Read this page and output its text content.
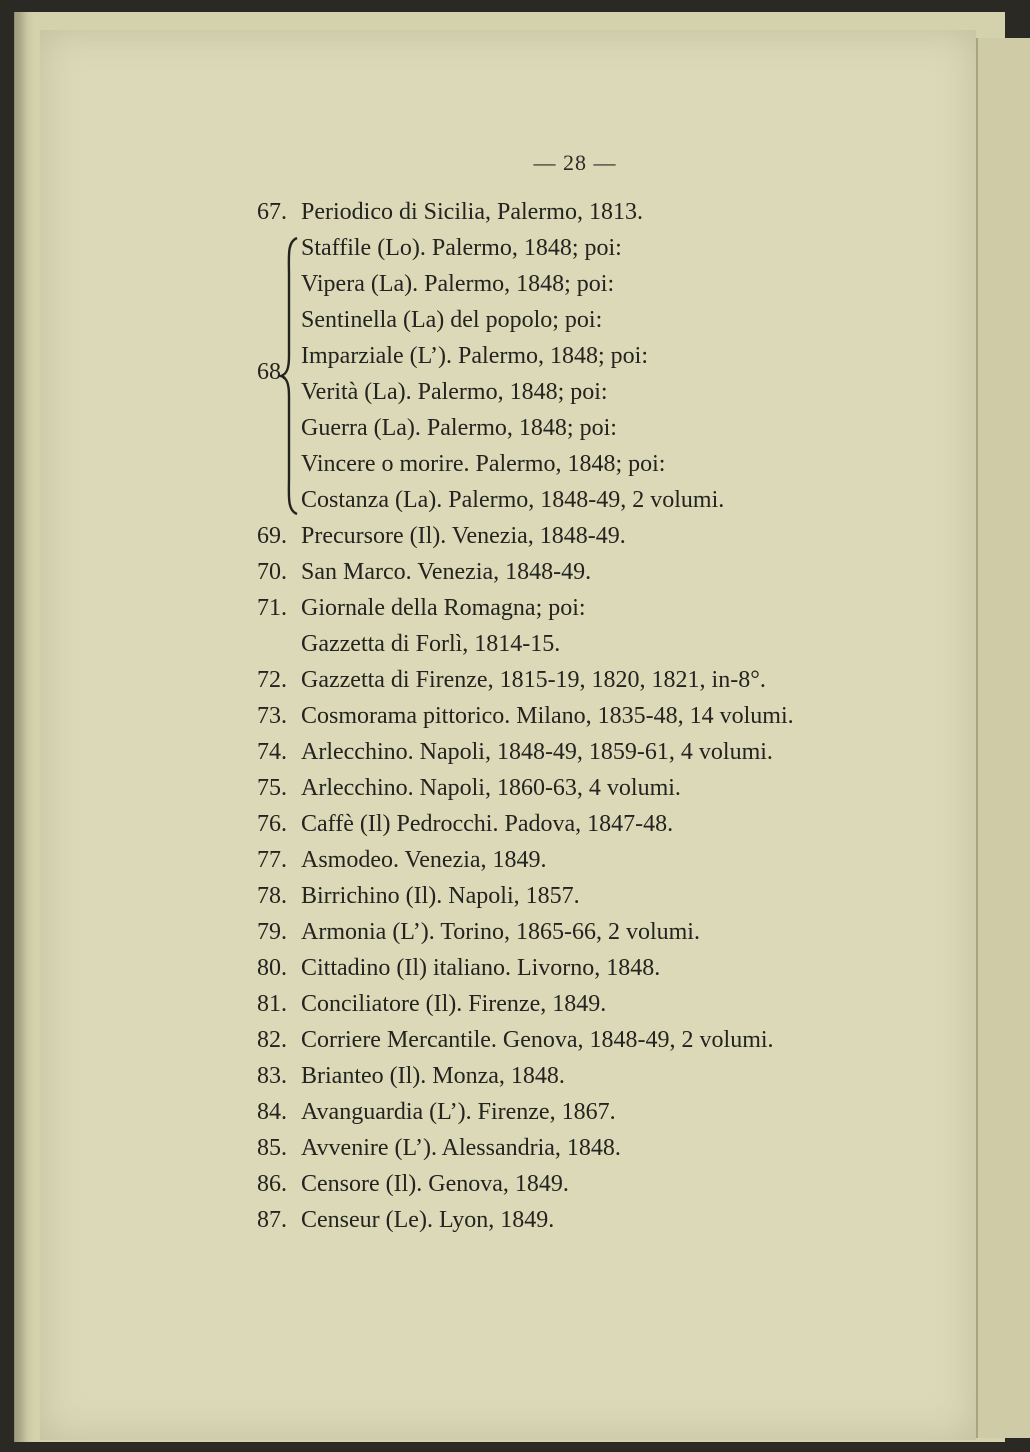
— 28 —
67. Periodico di Sicilia, Palermo, 1813.
68.
Staffile (Lo). Palermo, 1848; poi:
Vipera (La). Palermo, 1848; poi:
Sentinella (La) del popolo; poi:
Imparziale (L’). Palermo, 1848; poi:
Verità (La). Palermo, 1848; poi:
Guerra (La). Palermo, 1848; poi:
Vincere o morire. Palermo, 1848; poi:
Costanza (La). Palermo, 1848-49, 2 volumi.
69. Precursore (Il). Venezia, 1848-49.
70. San Marco. Venezia, 1848-49.
71. Giornale della Romagna; poi:
Gazzetta di Forlì, 1814-15.
72. Gazzetta di Firenze, 1815-19, 1820, 1821, in-8°.
73. Cosmorama pittorico. Milano, 1835-48, 14 volumi.
74. Arlecchino. Napoli, 1848-49, 1859-61, 4 volumi.
75. Arlecchino. Napoli, 1860-63, 4 volumi.
76. Caffè (Il) Pedrocchi. Padova, 1847-48.
77. Asmodeo. Venezia, 1849.
78. Birrichino (Il). Napoli, 1857.
79. Armonia (L’). Torino, 1865-66, 2 volumi.
80. Cittadino (Il) italiano. Livorno, 1848.
81. Conciliatore (Il). Firenze, 1849.
82. Corriere Mercantile. Genova, 1848-49, 2 volumi.
83. Brianteo (Il). Monza, 1848.
84. Avanguardia (L’). Firenze, 1867.
85. Avvenire (L’). Alessandria, 1848.
86. Censore (Il). Genova, 1849.
87. Censeur (Le). Lyon, 1849.
